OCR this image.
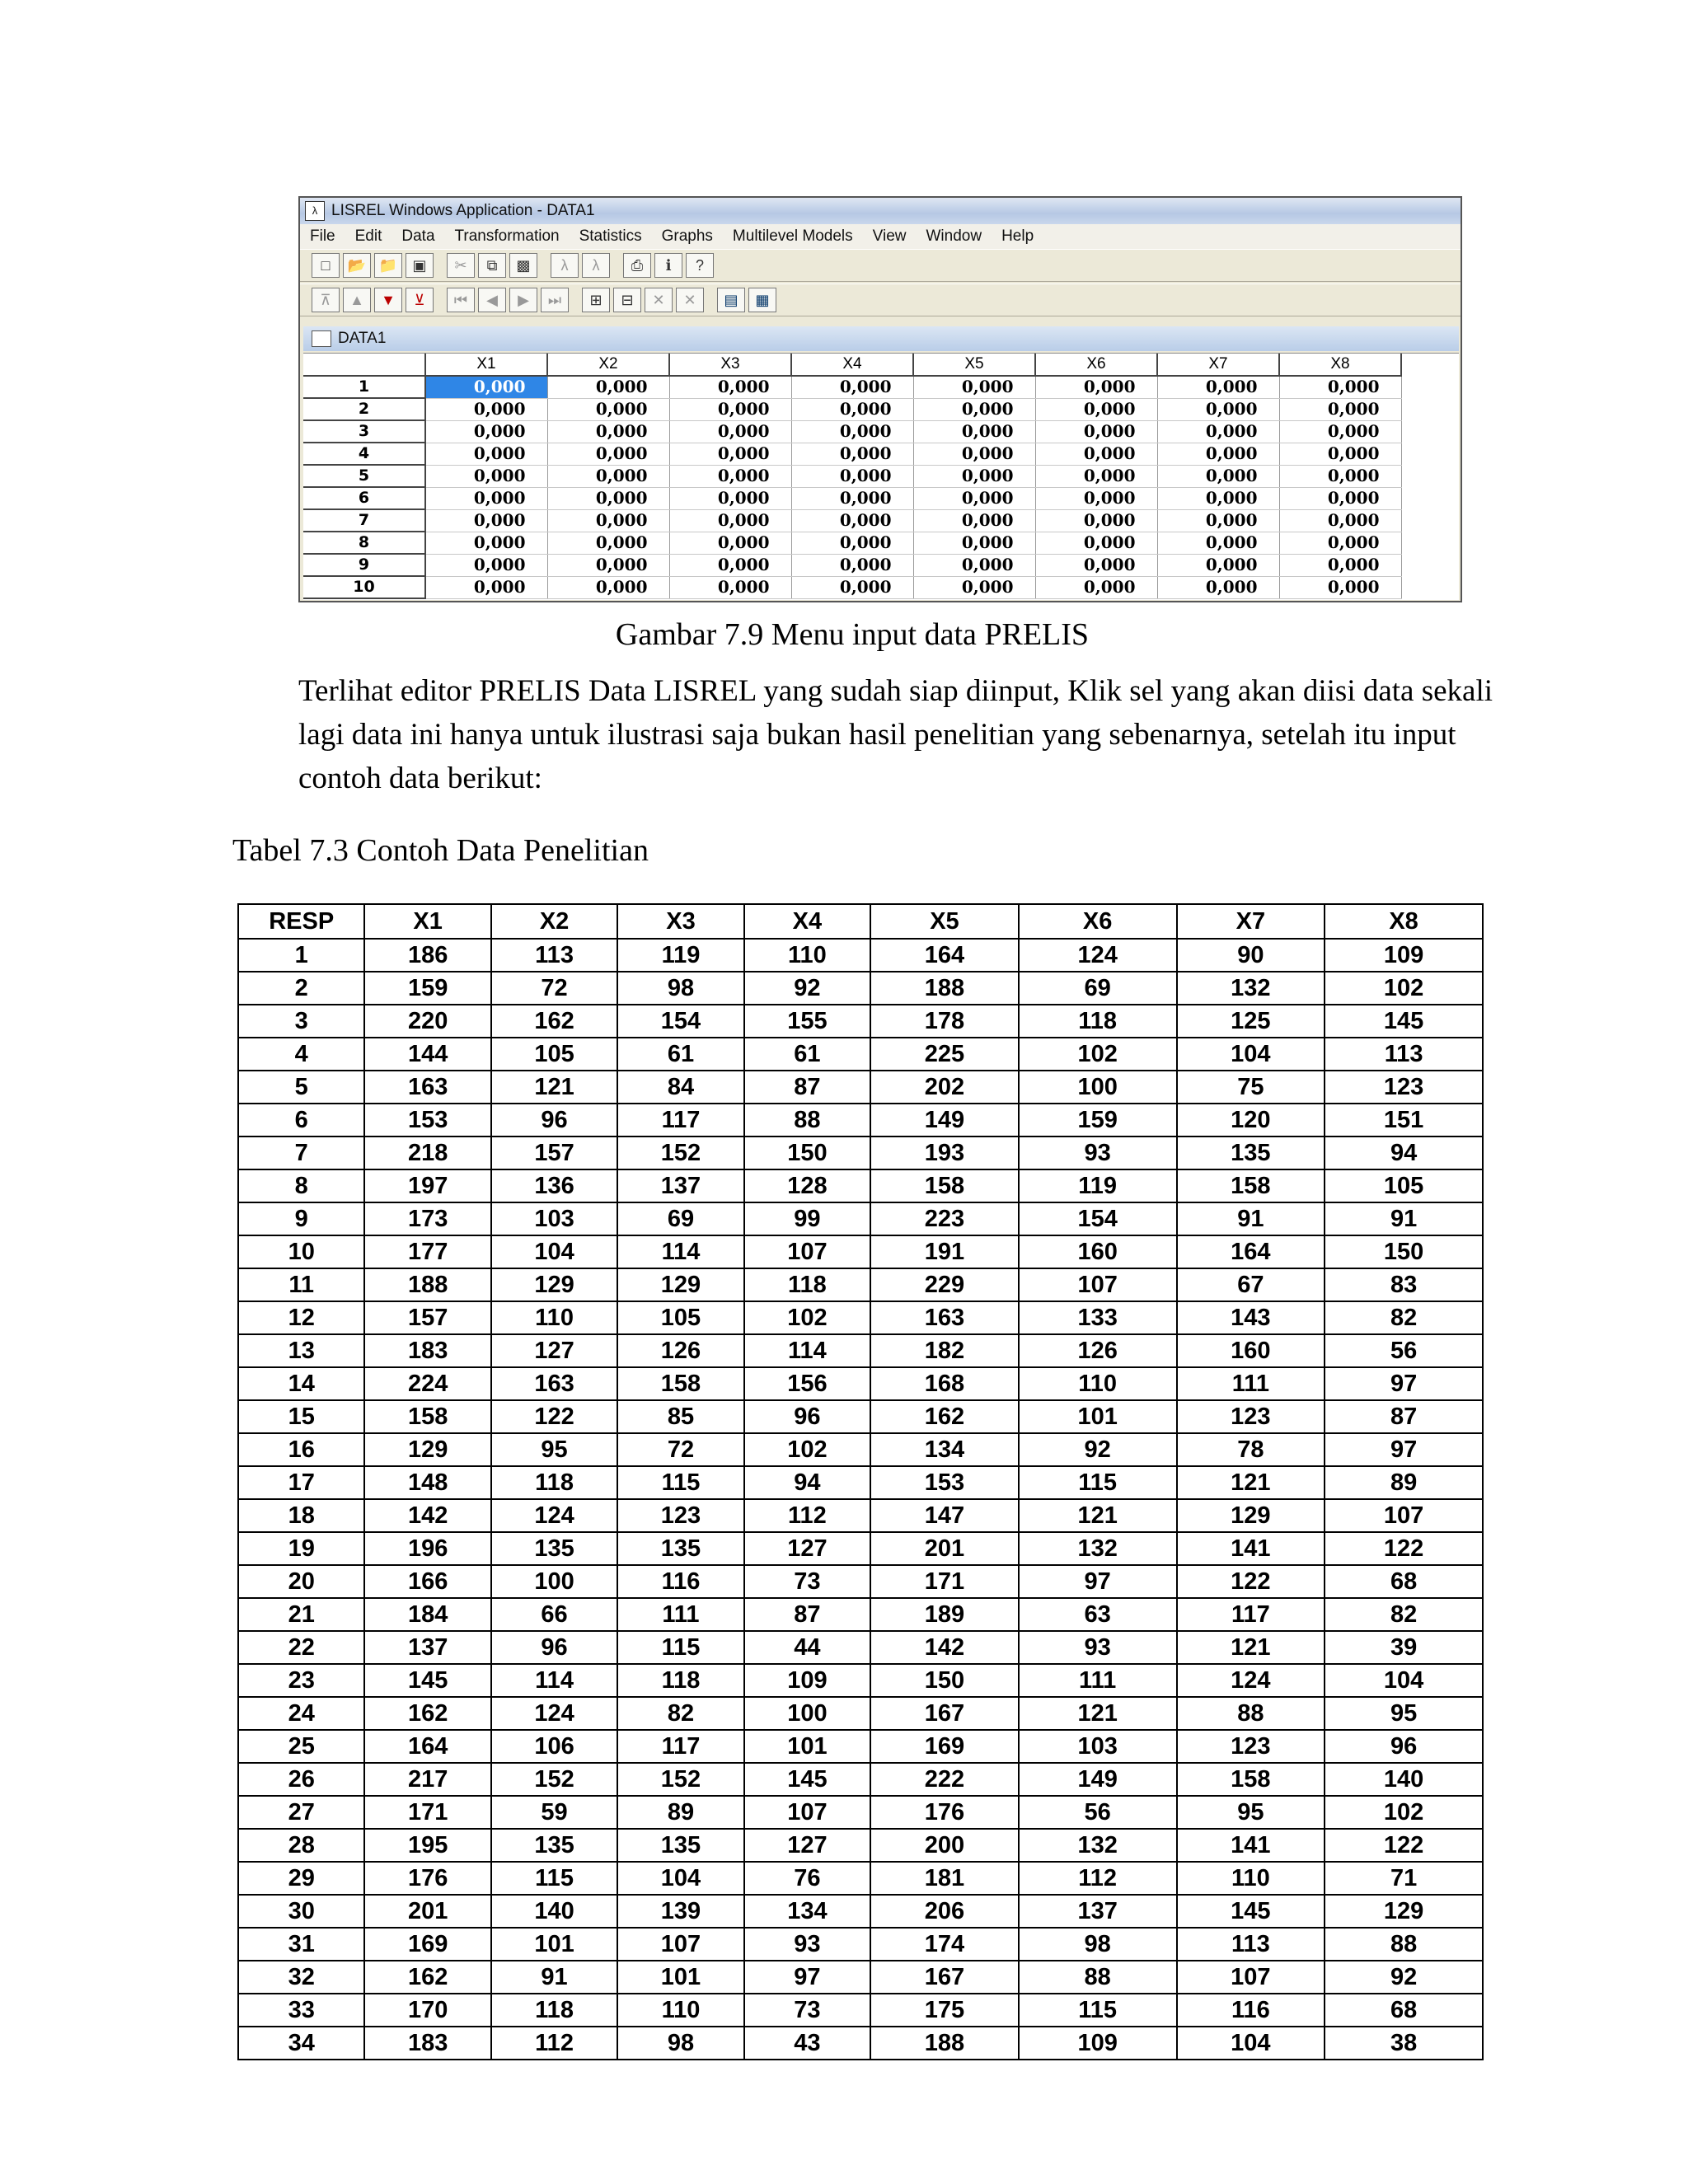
λ LISREL Windows Application - DATA1
File	Edit	Data	Transformation	Statistics	Graphs	Multilevel Models	View	Window	Help
□	📂 📁	▣	✂	⧉	▩	λ	λ	⎙	ℹ	?
⊼	▲	▼	⊻	⏮	◀	▶	⏭	⊞	⊟	✕	✕	▤	▦
DATA1
	X1	X2	X3	X4	X5	X6	X7	X8
1	0,000	0,000	0,000	0,000	0,000	0,000	0,000	0,000
2	0,000	0,000	0,000	0,000	0,000	0,000	0,000	0,000
3	0,000	0,000	0,000	0,000	0,000	0,000	0,000	0,000
4	0,000	0,000	0,000	0,000	0,000	0,000	0,000	0,000
5	0,000	0,000	0,000	0,000	0,000	0,000	0,000	0,000
6	0,000	0,000	0,000	0,000	0,000	0,000	0,000	0,000
7	0,000	0,000	0,000	0,000	0,000	0,000	0,000	0,000
8	0,000	0,000	0,000	0,000	0,000	0,000	0,000	0,000
9	0,000	0,000	0,000	0,000	0,000	0,000	0,000	0,000
10	0,000	0,000	0,000	0,000	0,000	0,000	0,000	0,000
Gambar 7.9 Menu input data PRELIS

Terlihat editor PRELIS Data LISREL yang sudah siap diinput, Klik sel yang akan diisi data sekali lagi data ini hanya untuk ilustrasi saja bukan hasil penelitian yang sebenarnya, setelah itu input contoh data berikut:

Tabel 7.3 Contoh Data Penelitian
RESP	X1	X2	X3	X4	X5	X6	X7	X8
1	186	113	119	110	164	124	90	109
2	159	72	98	92	188	69	132	102
3	220	162	154	155	178	118	125	145
4	144	105	61	61	225	102	104	113
5	163	121	84	87	202	100	75	123
6	153	96	117	88	149	159	120	151
7	218	157	152	150	193	93	135	94
8	197	136	137	128	158	119	158	105
9	173	103	69	99	223	154	91	91
10	177	104	114	107	191	160	164	150
11	188	129	129	118	229	107	67	83
12	157	110	105	102	163	133	143	82
13	183	127	126	114	182	126	160	56
14	224	163	158	156	168	110	111	97
15	158	122	85	96	162	101	123	87
16	129	95	72	102	134	92	78	97
17	148	118	115	94	153	115	121	89
18	142	124	123	112	147	121	129	107
19	196	135	135	127	201	132	141	122
20	166	100	116	73	171	97	122	68
21	184	66	111	87	189	63	117	82
22	137	96	115	44	142	93	121	39
23	145	114	118	109	150	111	124	104
24	162	124	82	100	167	121	88	95
25	164	106	117	101	169	103	123	96
26	217	152	152	145	222	149	158	140
27	171	59	89	107	176	56	95	102
28	195	135	135	127	200	132	141	122
29	176	115	104	76	181	112	110	71
30	201	140	139	134	206	137	145	129
31	169	101	107	93	174	98	113	88
32	162	91	101	97	167	88	107	92
33	170	118	110	73	175	115	116	68
34	183	112	98	43	188	109	104	38
